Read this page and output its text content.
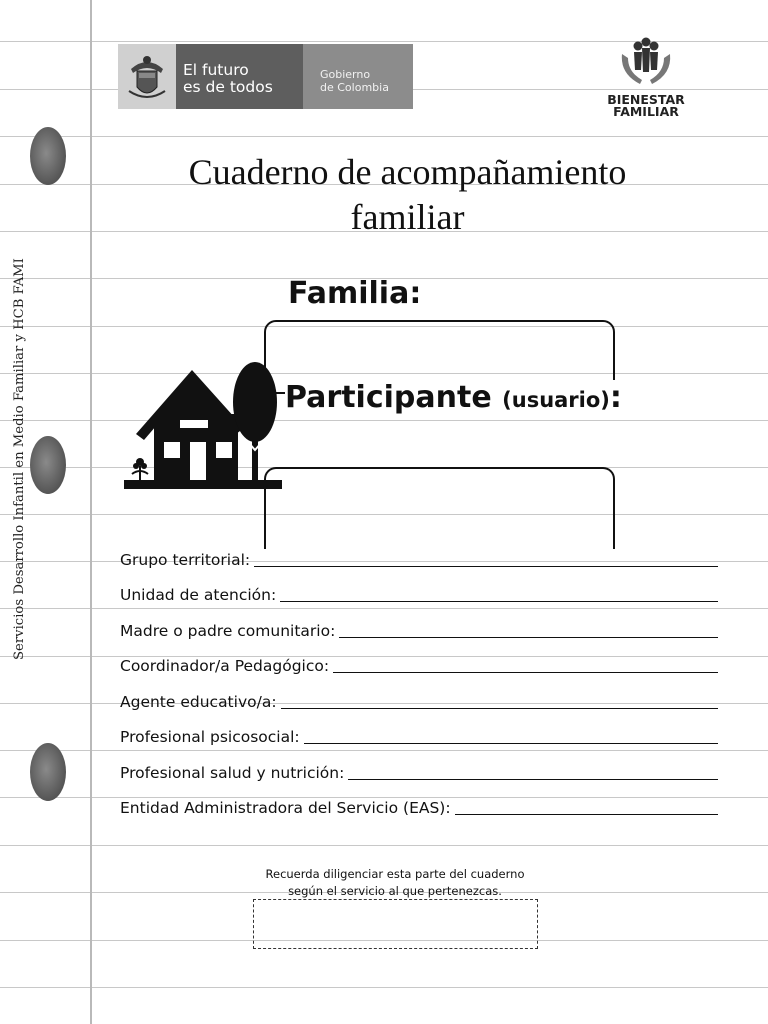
Servicios Desarrollo Infantil en Medio Familiar y HCB FAMI
El futuro
es de todos
Gobierno
de Colombia
BIENESTAR
FAMILIAR
Cuaderno de acompañamiento
familiar
Familia:
Participante (usuario):
Grupo territorial:
Unidad de atención:
Madre o padre comunitario:
Coordinador/a Pedagógico:
Agente educativo/a:
Profesional psicosocial:
Profesional salud y nutrición:
Entidad Administradora del Servicio (EAS):
Recuerda diligenciar esta parte del cuaderno
según el servicio al que pertenezcas.
